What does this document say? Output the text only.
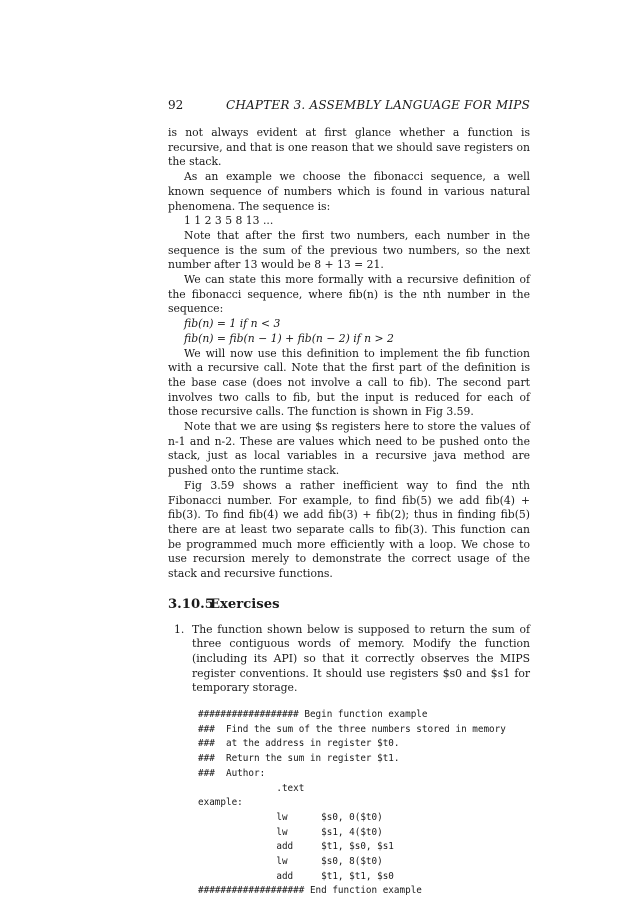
92	CHAPTER 3. ASSEMBLY LANGUAGE FOR MIPS

is not always evident at first glance whether a function is recursive, and that is one reason that we should save registers on the stack.

As an example we choose the fibonacci sequence, a well known sequence of numbers which is found in various natural phenomena. The sequence is:

1 1 2 3 5 8 13 ...

Note that after the first two numbers, each number in the sequence is the sum of the previous two numbers, so the next number after 13 would be 8 + 13 = 21.

We can state this more formally with a recursive definition of the fibonacci sequence, where fib(n) is the nth number in the sequence:

fib(n) = 1 if n < 3

fib(n) = fib(n − 1) + fib(n − 2) if n > 2

We will now use this definition to implement the fib function with a recursive call. Note that the first part of the definition is the base case (does not involve a call to fib). The second part involves two calls to fib, but the input is reduced for each of those recursive calls. The function is shown in Fig 3.59.

Note that we are using $s registers here to store the values of n-1 and n-2. These are values which need to be pushed onto the stack, just as local variables in a recursive java method are pushed onto the runtime stack.

Fig 3.59 shows a rather inefficient way to find the nth Fibonacci number. For example, to find fib(5) we add fib(4) + fib(3). To find fib(4) we add fib(3) + fib(2); thus in finding fib(5) there are at least two separate calls to fib(3). This function can be programmed much more efficiently with a loop. We chose to use recursion merely to demonstrate the correct usage of the stack and recursive functions.

3.10.5Exercises
1. The function shown below is supposed to return the sum of three contiguous words of memory. Modify the function (including its API) so that it correctly observes the MIPS register conventions. It should use registers $s0 and $s1 for temporary storage.

################## Begin function example
###  Find the sum of the three numbers stored in memory
###  at the address in register $t0.
###  Return the sum in register $t1.
###  Author:
.text
example:
lw      $s0, 0($t0)
lw      $s1, 4($t0)
add     $t1, $s0, $s1
lw      $s0, 8($t0)
add     $t1, $t1, $s0
################### End function example
